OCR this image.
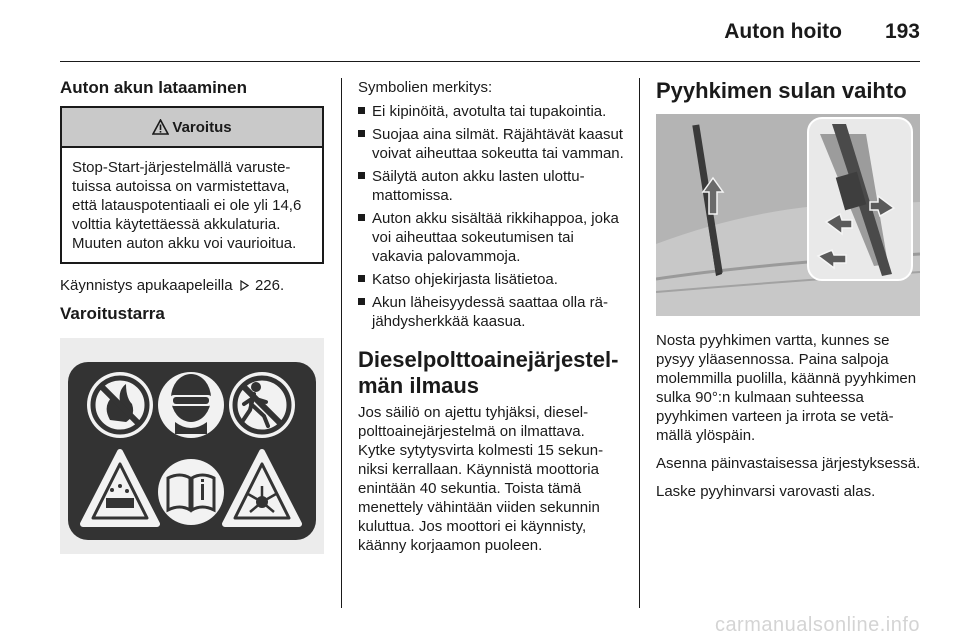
Auton hoito 193
Auton akun lataaminen
Varoitus
Stop-Start-järjestelmällä varustetuissa autoissa on varmistettava, että latauspotentiaali ei ole yli 14,6 volttia käytettäessä akkulaturia. Muuten auton akku voi vaurioitua.

Käynnistys apukaapeleilla 226.

Varoitustarra

Symbolien merkitys:

Ei kipinöitä, avotulta tai tupakointia.
Suojaa aina silmät. Räjähtävät kaasut voivat aiheuttaa sokeutta tai vamman.
Säilytä auton akku lasten ulottumattomissa.
Auton akku sisältää rikkihappoa, joka voi aiheuttaa sokeutumisen tai vakavia palovammoja.
Katso ohjekirjasta lisätietoa.
Akun läheisyydessä saattaa olla räjähdysherkkää kaasua.
Dieselpolttoainejärjestelmän ilmaus

Jos säiliö on ajettu tyhjäksi, dieselpolttoainejärjestelmä on ilmattava. Kytke sytytysvirta kolmesti 15 sekunniksi kerrallaan. Käynnistä moottoria enintään 40 sekuntia. Toista tämä menettely vähintään viiden sekunnin kuluttua. Jos moottori ei käynnisty, käänny korjaamon puoleen.

Pyyhkimen sulan vaihto

Nosta pyyhkimen vartta, kunnes se pysyy yläasennossa. Paina salpoja molemmilla puolilla, käännä pyyhkimen sulka 90°:n kulmaan suhteessa pyyhkimen varteen ja irrota se vetämällä ylöspäin.

Asenna päinvastaisessa järjestyksessä.

Laske pyyhinvarsi varovasti alas.

carmanualsonline.info
